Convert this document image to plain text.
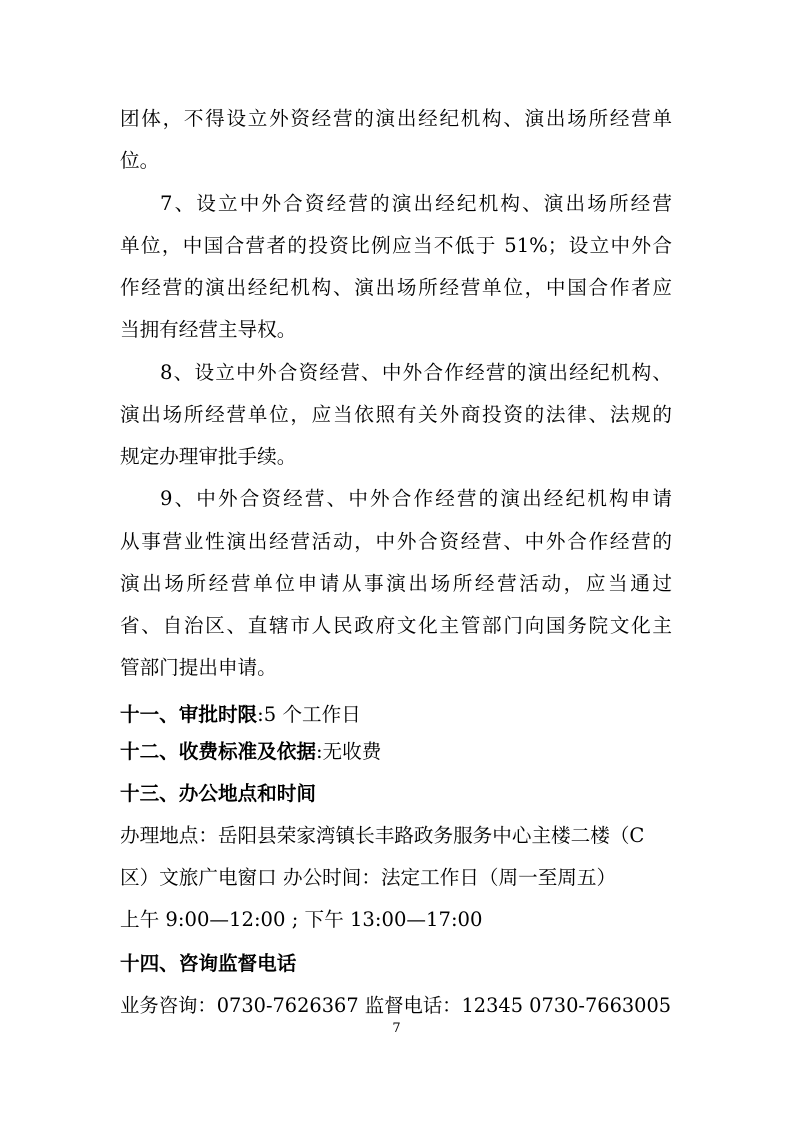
团体，不得设立外资经营的演出经纪机构、演出场所经营单
位。
7、设立中外合资经营的演出经纪机构、演出场所经营
单位，中国合营者的投资比例应当不低于 51%；设立中外合
作经营的演出经纪机构、演出场所经营单位，中国合作者应
当拥有经营主导权。
8、设立中外合资经营、中外合作经营的演出经纪机构、
演出场所经营单位，应当依照有关外商投资的法律、法规的
规定办理审批手续。
9、中外合资经营、中外合作经营的演出经纪机构申请
从事营业性演出经营活动，中外合资经营、中外合作经营的
演出场所经营单位申请从事演出场所经营活动，应当通过
省、自治区、直辖市人民政府文化主管部门向国务院文化主
管部门提出申请。
十一、审批时限:5 个工作日
十二、收费标准及依据:无收费
十三、办公地点和时间
办理地点：岳阳县荣家湾镇长丰路政务服务中心主楼二楼（C
区）文旅广电窗口 办公时间：法定工作日（周一至周五）
上午 9:00—12:00 ; 下午 13:00—17:00
十四、咨询监督电话
业务咨询：0730-7626367 监督电话：12345 0730-7663005
7
